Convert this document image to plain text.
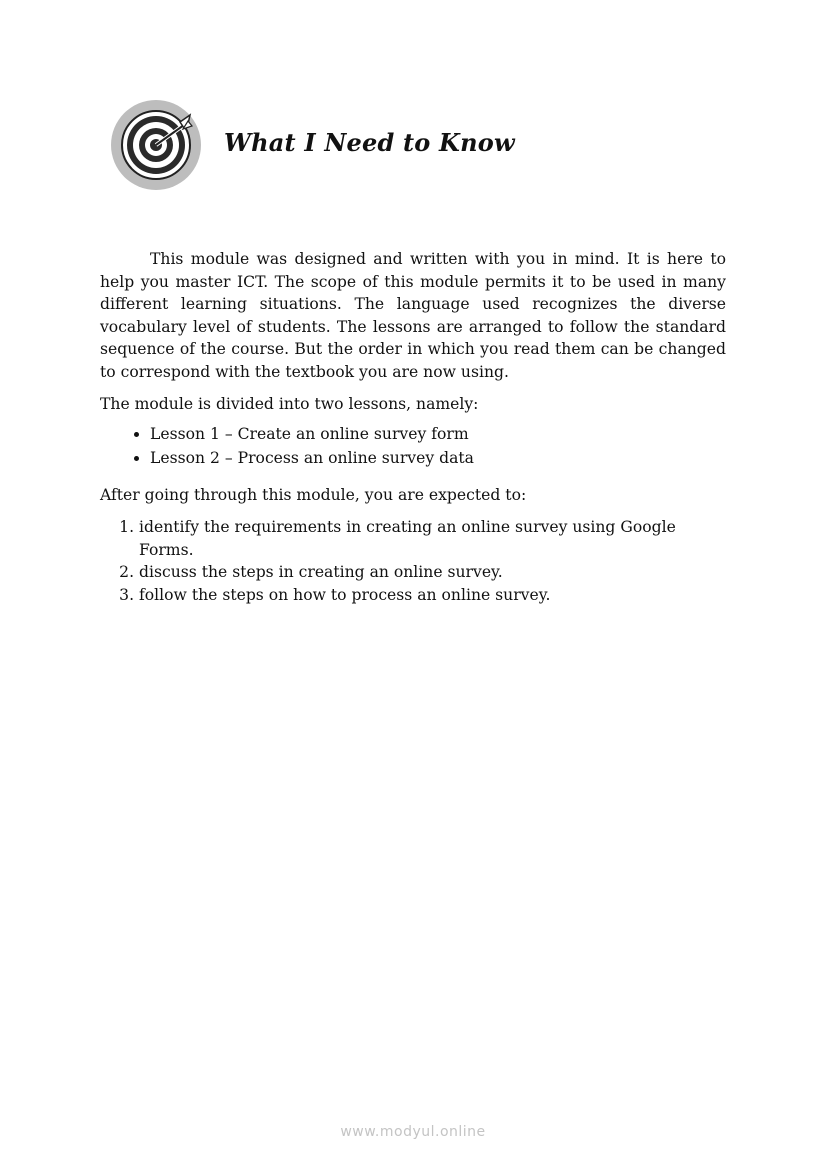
What I Need to Know

This module was designed and written with you in mind. It is here to help you master ICT. The scope of this module permits it to be used in many different learning situations. The language used recognizes the diverse vocabulary level of students. The lessons are arranged to follow the standard sequence of the course. But the order in which you read them can be changed to correspond with the textbook you are now using.

The module is divided into two lessons, namely:

• Lesson 1 – Create an online survey form
• Lesson 2 – Process an online survey data

After going through this module, you are expected to:

1. identify the requirements in creating an online survey using Google Forms.
2. discuss the steps in creating an online survey.
3. follow the steps on how to process an online survey.
www.modyul.online
